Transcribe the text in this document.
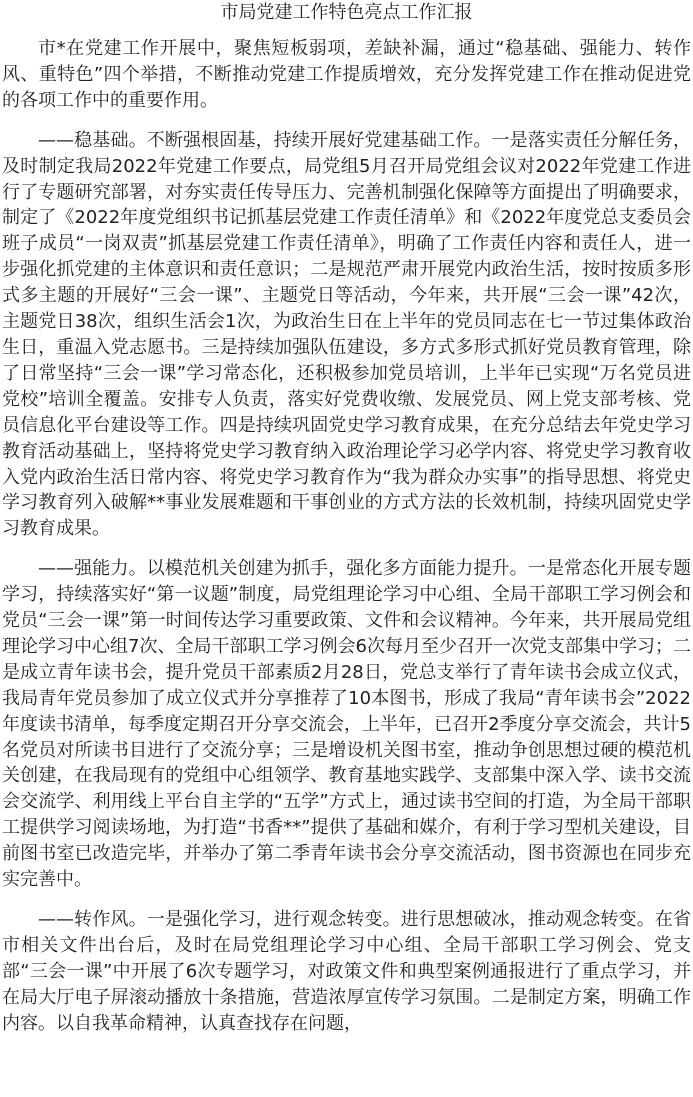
市局党建工作特色亮点工作汇报

市*在党建工作开展中，聚焦短板弱项，差缺补漏，通过“稳基础、强能力、转作风、重特色”四个举措，不断推动党建工作提质增效，充分发挥党建工作在推动促进党的各项工作中的重要作用。

——稳基础。不断强根固基，持续开展好党建基础工作。一是落实责任分解任务，及时制定我局2022年党建工作要点，局党组5月召开局党组会议对2022年党建工作进行了专题研究部署，对夯实责任传导压力、完善机制强化保障等方面提出了明确要求，制定了《2022年度党组织书记抓基层党建工作责任清单》和《2022年度党总支委员会班子成员“一岗双责”抓基层党建工作责任清单》，明确了工作责任内容和责任人，进一步强化抓党建的主体意识和责任意识；二是规范严肃开展党内政治生活，按时按质多形式多主题的开展好“三会一课”、主题党日等活动，今年来，共开展“三会一课”42次，主题党日38次，组织生活会1次，为政治生日在上半年的党员同志在七一节过集体政治生日，重温入党志愿书。三是持续加强队伍建设，多方式多形式抓好党员教育管理，除了日常坚持“三会一课”学习常态化，还积极参加党员培训，上半年已实现“万名党员进党校”培训全覆盖。安排专人负责，落实好党费收缴、发展党员、网上党支部考核、党员信息化平台建设等工作。四是持续巩固党史学习教育成果，在充分总结去年党史学习教育活动基础上，坚持将党史学习教育纳入政治理论学习必学内容、将党史学习教育收入党内政治生活日常内容、将党史学习教育作为“我为群众办实事”的指导思想、将党史学习教育列入破解**事业发展难题和干事创业的方式方法的长效机制，持续巩固党史学习教育成果。

——强能力。以模范机关创建为抓手，强化多方面能力提升。一是常态化开展专题学习，持续落实好“第一议题”制度，局党组理论学习中心组、全局干部职工学习例会和党员“三会一课”第一时间传达学习重要政策、文件和会议精神。今年来，共开展局党组理论学习中心组7次、全局干部职工学习例会6次每月至少召开一次党支部集中学习；二是成立青年读书会，提升党员干部素质2月28日，党总支举行了青年读书会成立仪式，我局青年党员参加了成立仪式并分享推荐了10本图书，形成了我局“青年读书会”2022年度读书清单，每季度定期召开分享交流会，上半年，已召开2季度分享交流会，共计5名党员对所读书目进行了交流分享；三是增设机关图书室，推动争创思想过硬的模范机关创建，在我局现有的党组中心组领学、教育基地实践学、支部集中深入学、读书交流会交流学、利用线上平台自主学的“五学”方式上，通过读书空间的打造，为全局干部职工提供学习阅读场地，为打造“书香**”提供了基础和媒介，有利于学习型机关建设，目前图书室已改造完毕，并举办了第二季青年读书会分享交流活动，图书资源也在同步充实完善中。

——转作风。一是强化学习，进行观念转变。进行思想破冰，推动观念转变。在省市相关文件出台后，及时在局党组理论学习中心组、全局干部职工学习例会、党支部“三会一课”中开展了6次专题学习，对政策文件和典型案例通报进行了重点学习，并在局大厅电子屏滚动播放十条措施，营造浓厚宣传学习氛围。二是制定方案，明确工作内容。以自我革命精神，认真查找存在问题，
